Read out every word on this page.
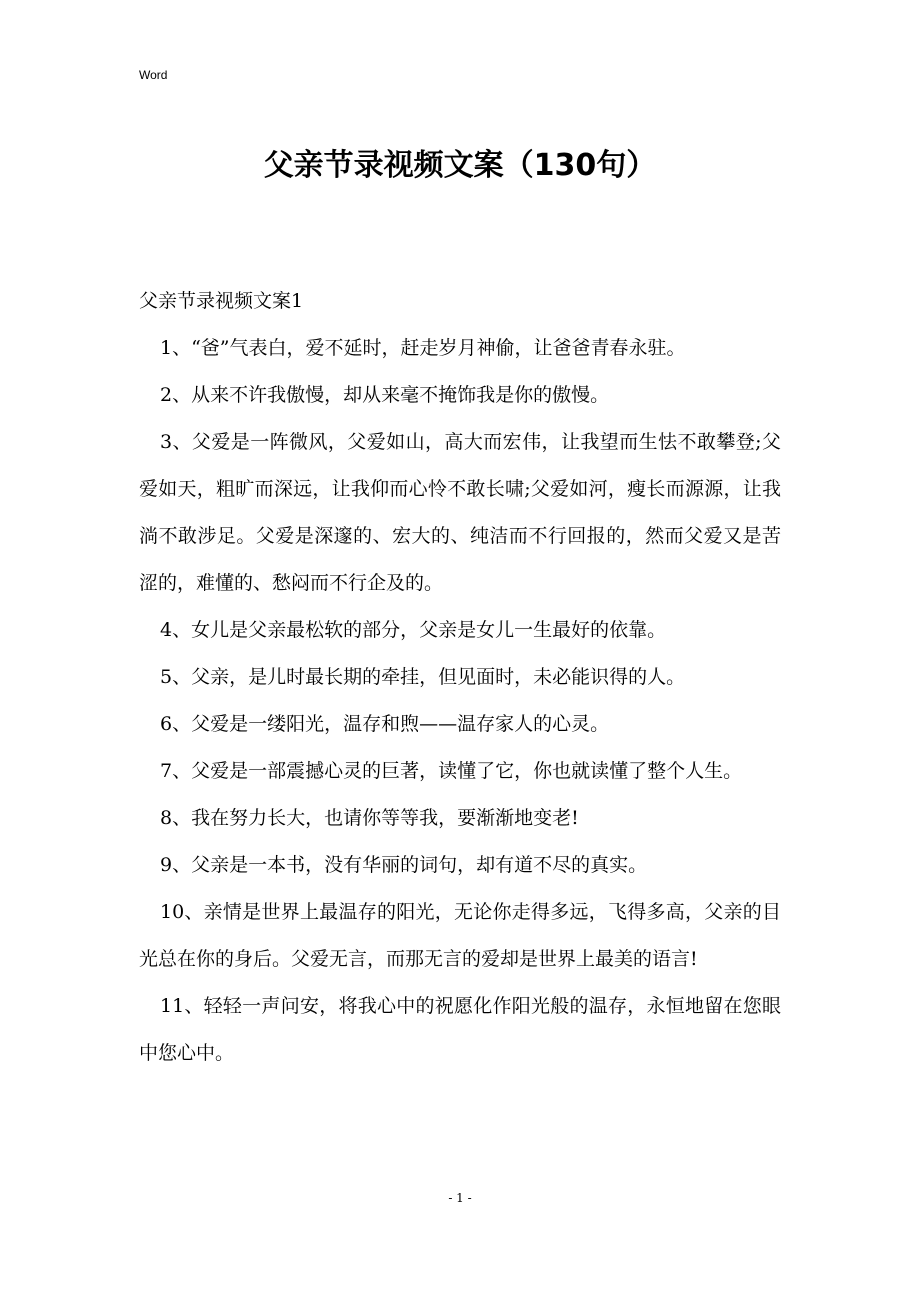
Word
父亲节录视频文案（130句）

父亲节录视频文案1

1、“爸”气表白，爱不延时，赶走岁月神偷，让爸爸青春永驻。

2、从来不许我傲慢，却从来毫不掩饰我是你的傲慢。

3、父爱是一阵微风，父爱如山，高大而宏伟，让我望而生怯不敢攀登;父爱如天，粗旷而深远，让我仰而心怜不敢长啸;父爱如河，瘦长而源源，让我淌不敢涉足。父爱是深邃的、宏大的、纯洁而不行回报的，然而父爱又是苦涩的，难懂的、愁闷而不行企及的。

4、女儿是父亲最松软的部分，父亲是女儿一生最好的依靠。

5、父亲，是儿时最长期的牵挂，但见面时，未必能识得的人。

6、父爱是一缕阳光，温存和煦——温存家人的心灵。

7、父爱是一部震撼心灵的巨著，读懂了它，你也就读懂了整个人生。

8、我在努力长大，也请你等等我，要渐渐地变老!

9、父亲是一本书，没有华丽的词句，却有道不尽的真实。

10、亲情是世界上最温存的阳光，无论你走得多远，飞得多高，父亲的目光总在你的身后。父爱无言，而那无言的爱却是世界上最美的语言!

11、轻轻一声问安，将我心中的祝愿化作阳光般的温存，永恒地留在您眼中您心中。

- 1 -
